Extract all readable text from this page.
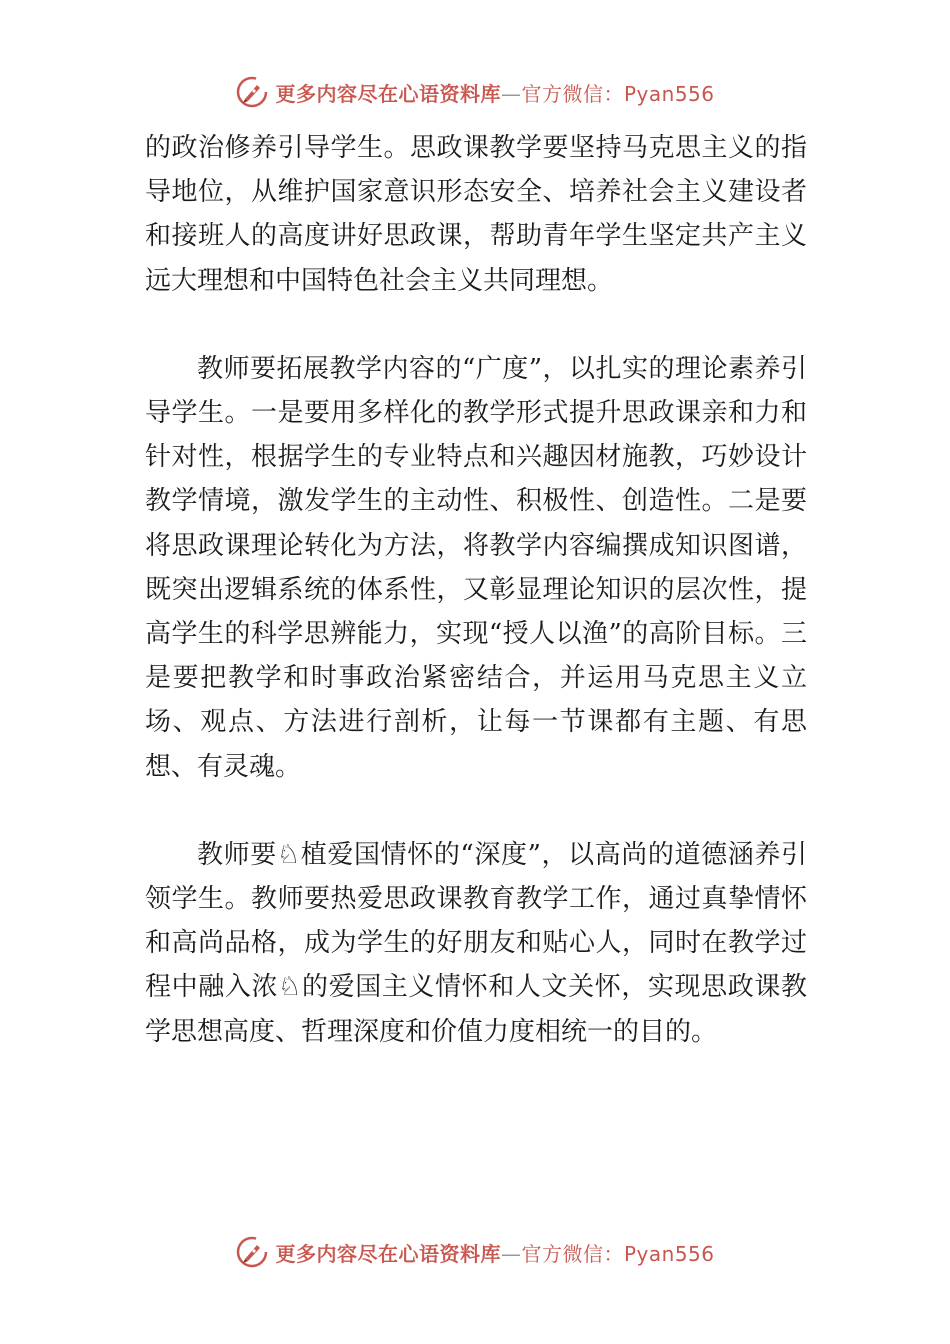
更多内容尽在心语资料库—官方微信：Pyan556

的政治修养引导学生。思政课教学要坚持马克思主义的指导地位，从维护国家意识形态安全、培养社会主义建设者和接班人的高度讲好思政课，帮助青年学生坚定共产主义远大理想和中国特色社会主义共同理想。

教师要拓展教学内容的“广度”，以扎实的理论素养引导学生。一是要用多样化的教学形式提升思政课亲和力和针对性，根据学生的专业特点和兴趣因材施教，巧妙设计教学情境，激发学生的主动性、积极性、创造性。二是要将思政课理论转化为方法，将教学内容编撰成知识图谱，既突出逻辑系统的体系性，又彰显理论知识的层次性，提高学生的科学思辨能力，实现“授人以渔”的高阶目标。三是要把教学和时事政治紧密结合，并运用马克思主义立场、观点、方法进行剖析，让每一节课都有主题、有思想、有灵魂。

教师要♘植爱国情怀的“深度”，以高尚的道德涵养引领学生。教师要热爱思政课教育教学工作，通过真挚情怀和高尚品格，成为学生的好朋友和贴心人，同时在教学过程中融入浓♘的爱国主义情怀和人文关怀，实现思政课教学思想高度、哲理深度和价值力度相统一的目的。

更多内容尽在心语资料库—官方微信：Pyan556
